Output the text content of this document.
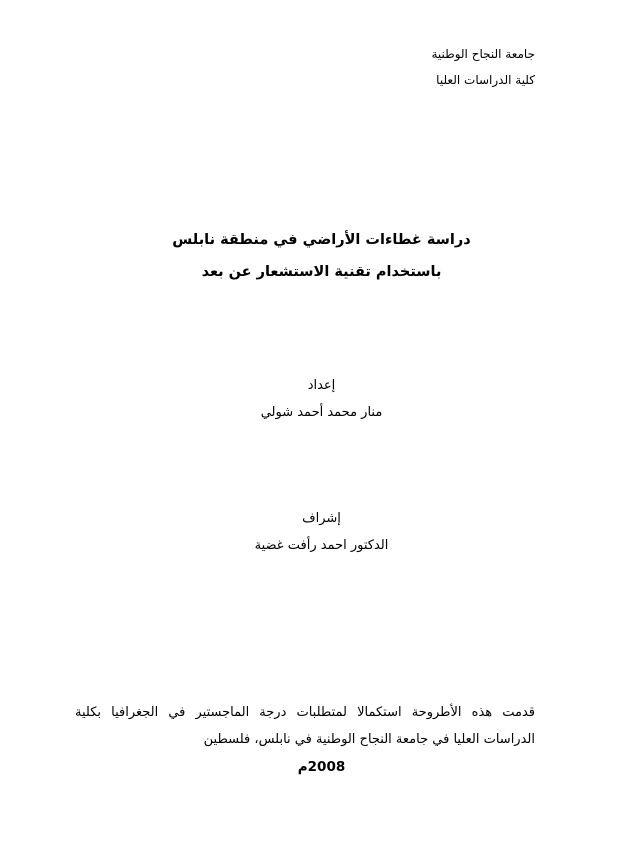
جامعة النجاح الوطنية
كلية الدراسات العليا
دراسة غطاءات الأراضي في منطقة نابلس
باستخدام تقنية الاستشعار عن بعد
إعداد
منار محمد أحمد شولي
إشراف
الدكتور احمد رأفت غضية
قدمت هذه الأطروحة استكمالا لمتطلبات درجة الماجستير في الجغرافيا بكلية
الدراسات العليا في جامعة النجاح الوطنية في نابلس، فلسطين
2008م
